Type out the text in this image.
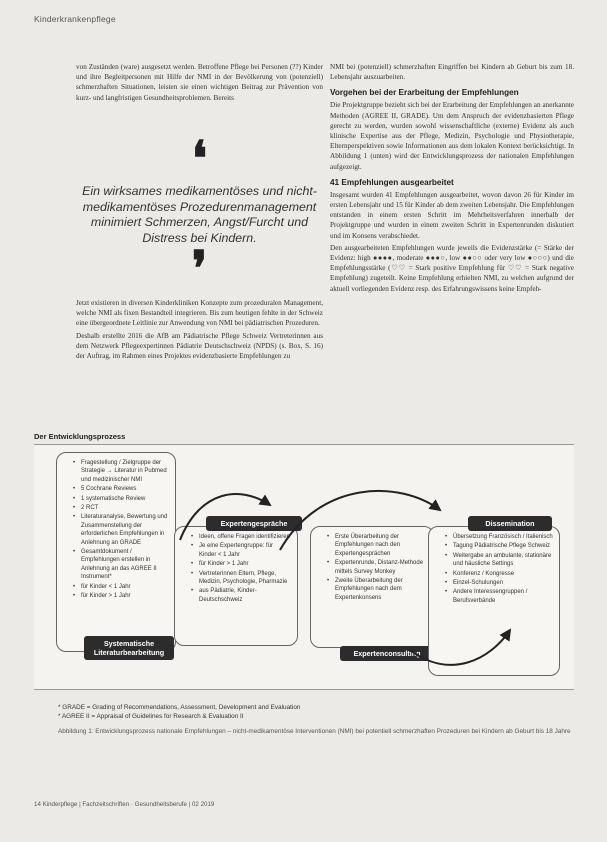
Kinderkrankenpflege

von Zuständen (ware) ausgesetzt werden. Betroffene Pflege bei Personen (??) Kinder und ihre Begleitpersonen mit Hilfe der NMI in der Bevölkerung von (potenziell) schmerzhaften Situationen, leisten sie einen wichtigen Beitrag zur Prävention von kurz- und langfristigen Gesundheitsproblemen. Bereits

❛
Ein wirksames medikamentöses und nicht-medikamentöses Prozedurenmanagement minimiert Schmerzen, Angst/Furcht und Distress bei Kindern.
❜

Jetzt existieren in diversen Kinderkliniken Konzepte zum prozeduralen Management, welche NMI als fixen Bestandteil integrieren. Bis zum heutigen fehlte in der Schweiz eine übergeordnete Leitlinie zur Anwendung von NMI bei pädiatrischen Prozeduren.

Deshalb erstellte 2016 die AfB am Pädiatrische Pflege Schweiz Vertreterinnen aus dem Netzwerk Pflegeexpertinnen Pädiatrie Deutschschweiz (NPDS) (s. Box, S. 16) der Auftrag, im Rahmen eines Projektes evidenzbasierte Empfehlungen zu

NMI bei (potenziell) schmerzhaften Eingriffen bei Kindern ab Geburt bis zum 18. Lebensjahr auszuarbeiten.

Vorgehen bei der Erarbeitung der Empfehlungen

Die Projektgruppe bezieht sich bei der Erarbeitung der Empfehlungen an anerkannte Methoden (AGREE II, GRADE). Um dem Anspruch der evidenzbasierten Pflege gerecht zu werden, wurden sowohl wissenschaftliche (externe) Evidenz als auch klinische Expertise aus der Pflege, Medizin, Psychologie und Physiotherapie, Elternperspektiven sowie Informationen aus dem lokalen Kontext berücksichtigt. In Abbildung 1 (unten) wird der Entwicklungsprozess der nationalen Empfehlungen aufgezeigt.

41 Empfehlungen ausgearbeitet

Insgesamt wurden 41 Empfehlungen ausgearbeitet, wovon davon 26 für Kinder im ersten Lebensjahr und 15 für Kinder ab dem zweiten Lebensjahr. Die Empfehlungen entstanden in einem ersten Schritt im Mehrheitsverfahren innerhalb der Projektgruppe und wurden in einem zweiten Schritt in Expertenrunden diskutiert und im Konsens verabschiedet.

Den ausgearbeiteten Empfehlungen wurde jeweils die Evidenzstärke (= Stärke der Evidenz: high ●●●●, moderate ●●●○, low ●●○○ oder very low ●○○○) und die Empfehlungsstärke (♡♡ = Stark positive Empfehlung für ♡♡ = Stark negative Empfehlung) zugeteilt. Keine Empfehlung erhielten NMI, zu welchen aufgrund der aktuell vorliegenden Evidenz resp. des Erfahrungswissens keine Empfeh-

Der Entwicklungsprozess
• Fragestellung / Zielgruppe der Strategie → Literatur in Pubmed und medizinischer NMI
• 5 Cochrane Reviews
• 1 systematische Review
• 2 RCT
• Literaturanalyse, Bewertung und Zusammenstellung der erforderlichen Empfehlungen in Anlehnung an GRADE
• Gesamtdokument / Empfehlungen erstellen in Anlehnung an das AGREE II Instrument*
• für Kinder < 1 Jahr
• für Kinder > 1 Jahr
Systematische Literaturbearbeitung
• Ideen, offene Fragen identifizieren
• Je eine Expertengruppe: für Kinder < 1 Jahr
• für Kinder > 1 Jahr
• Vertreterinnen Eltern, Pflege, Medizin, Psychologie, Pharmazie
• aus Pädiatrie, Kinder-Deutschschweiz
Expertengespräche
• Erste Überarbeitung der Empfehlungen nach den Expertengesprächen
• Expertenrunde, Distanz-Methode mittels Survey Monkey
• Zweite Überarbeitung der Empfehlungen nach dem Expertenkonsens
Expertenconsulting
• Übersetzung Französisch / Italienisch
• Tagung Pädiatrische Pflege Schweiz
• Weitergabe an ambulante, stationäre und häusliche Settings
• Konferenz / Kongresse
• Einzel-Schulungen
• Andere Interessengruppen / Berufsverbände
Dissemination
* GRADE = Grading of Recommendations, Assessment, Development and Evaluation
* AGREE II = Appraisal of Guidelines for Research & Evaluation II
Abbildung 1: Entwicklungsprozess nationale Empfehlungen – nicht-medikamentöse Interventionen (NMI) bei potentiell schmerzhaften Prozeduren bei Kindern ab Geburt bis 18 Jahre
14 Kinderpflege | Fachzeitschriften · Gesundheitsberufe | 02 2019
